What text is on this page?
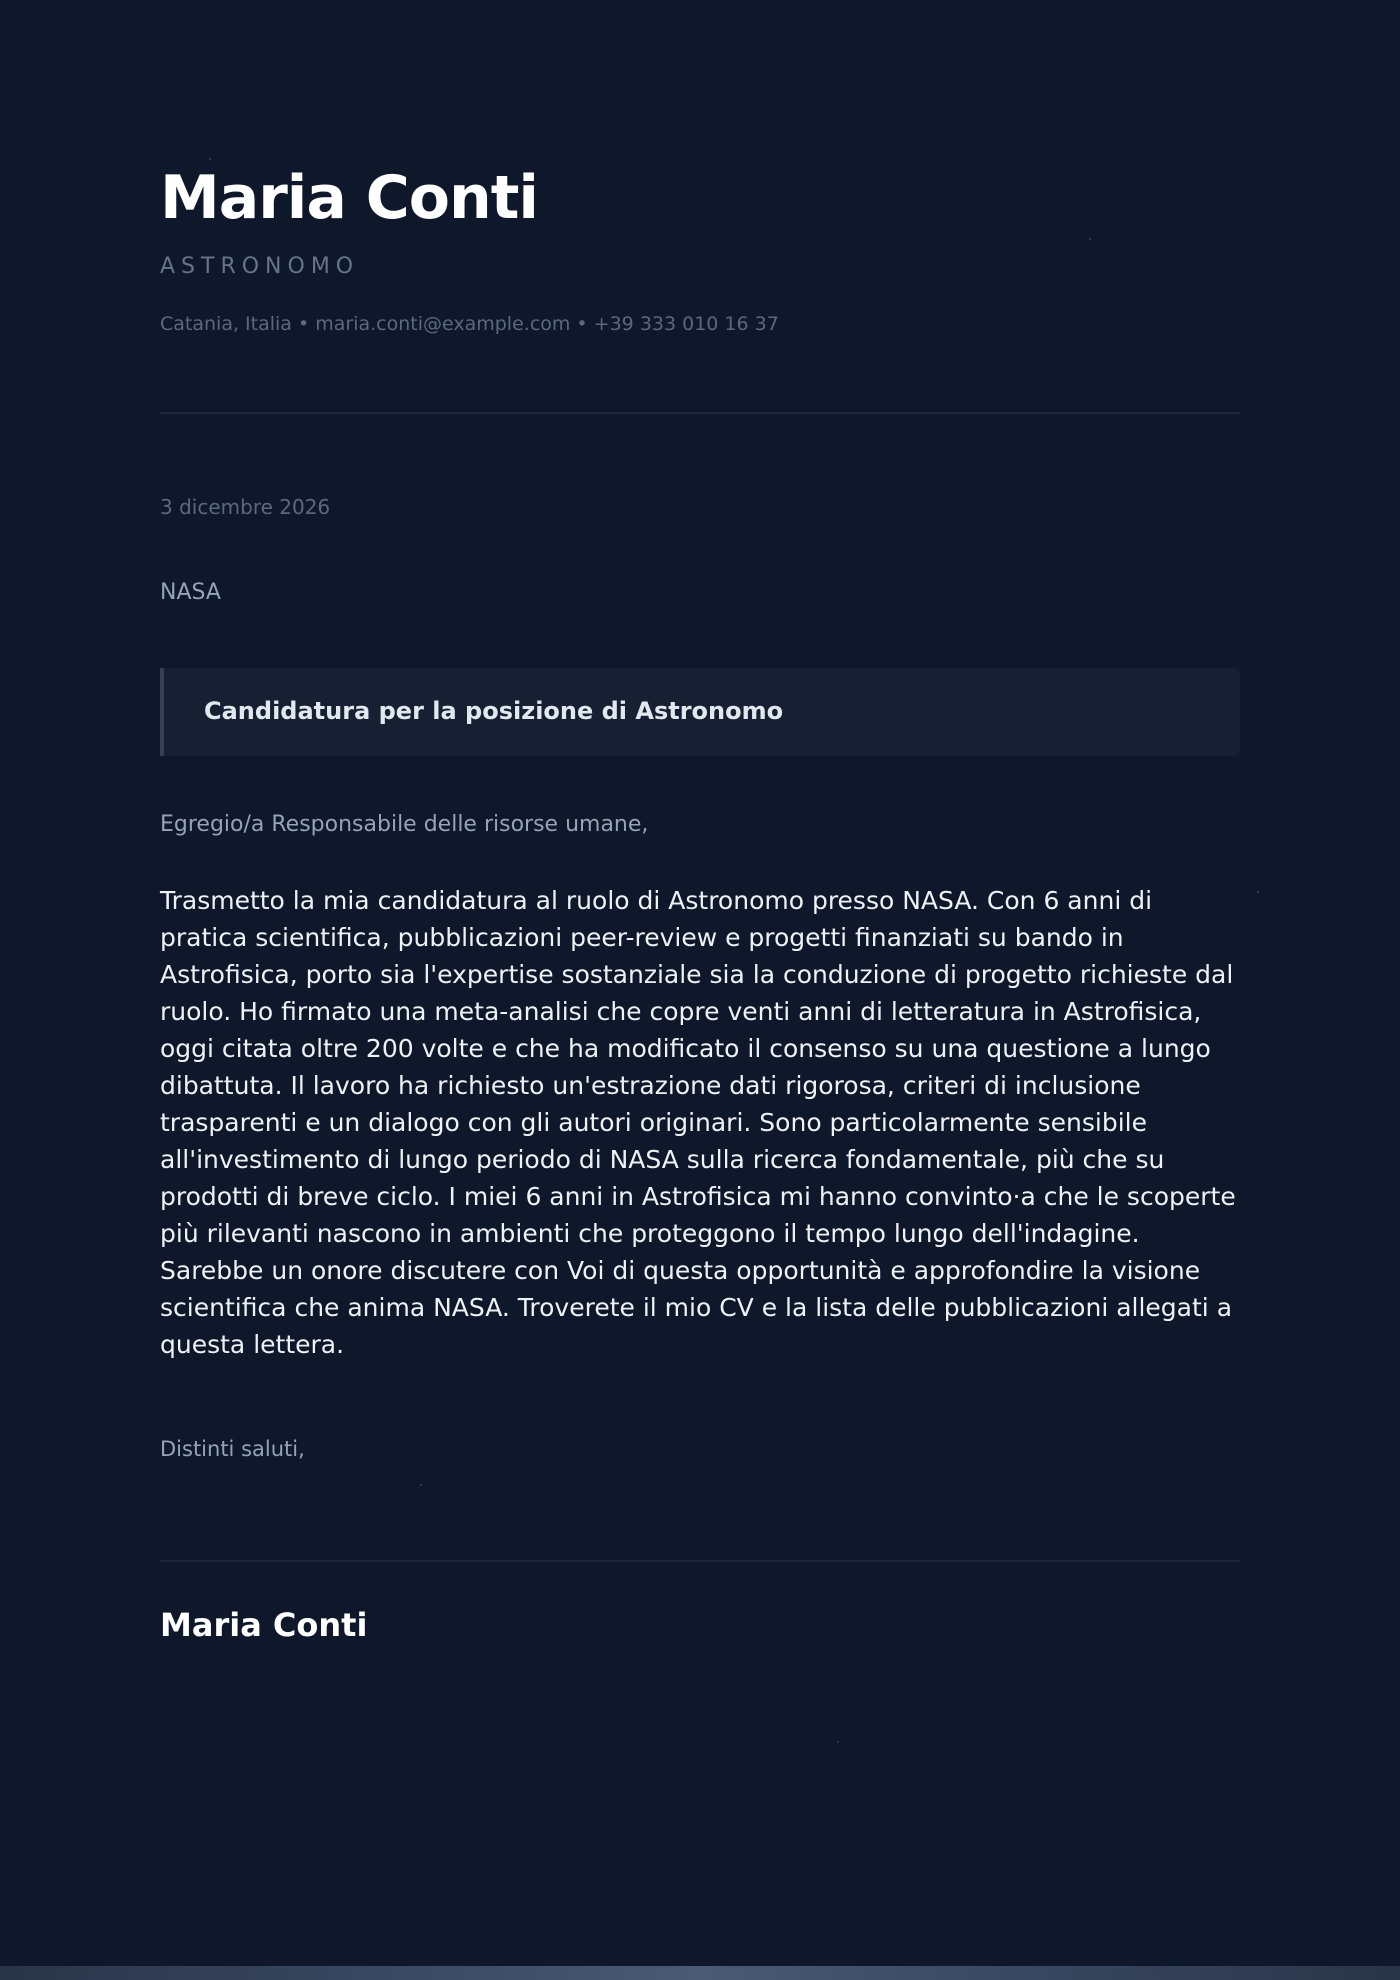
Maria Conti
ASTRONOMO
Catania, Italia • maria.conti@example.com • +39 333 010 16 37
3 dicembre 2026
NASA
Candidatura per la posizione di Astronomo
Egregio/a Responsabile delle risorse umane,

Trasmetto la mia candidatura al ruolo di Astronomo presso NASA. Con 6 anni di pratica scientifica, pubblicazioni peer-review e progetti finanziati su bando in Astrofisica, porto sia l'expertise sostanziale sia la conduzione di progetto richieste dal ruolo. Ho firmato una meta-analisi che copre venti anni di letteratura in Astrofisica, oggi citata oltre 200 volte e che ha modificato il consenso su una questione a lungo dibattuta. Il lavoro ha richiesto un'estrazione dati rigorosa, criteri di inclusione trasparenti e un dialogo con gli autori originari. Sono particolarmente sensibile all'investimento di lungo periodo di NASA sulla ricerca fondamentale, più che su prodotti di breve ciclo. I miei 6 anni in Astrofisica mi hanno convinto·a che le scoperte più rilevanti nascono in ambienti che proteggono il tempo lungo dell'indagine. Sarebbe un onore discutere con Voi di questa opportunità e approfondire la visione scientifica che anima NASA. Troverete il mio CV e la lista delle pubblicazioni allegati a questa lettera.

Distinti saluti,
Maria Conti
